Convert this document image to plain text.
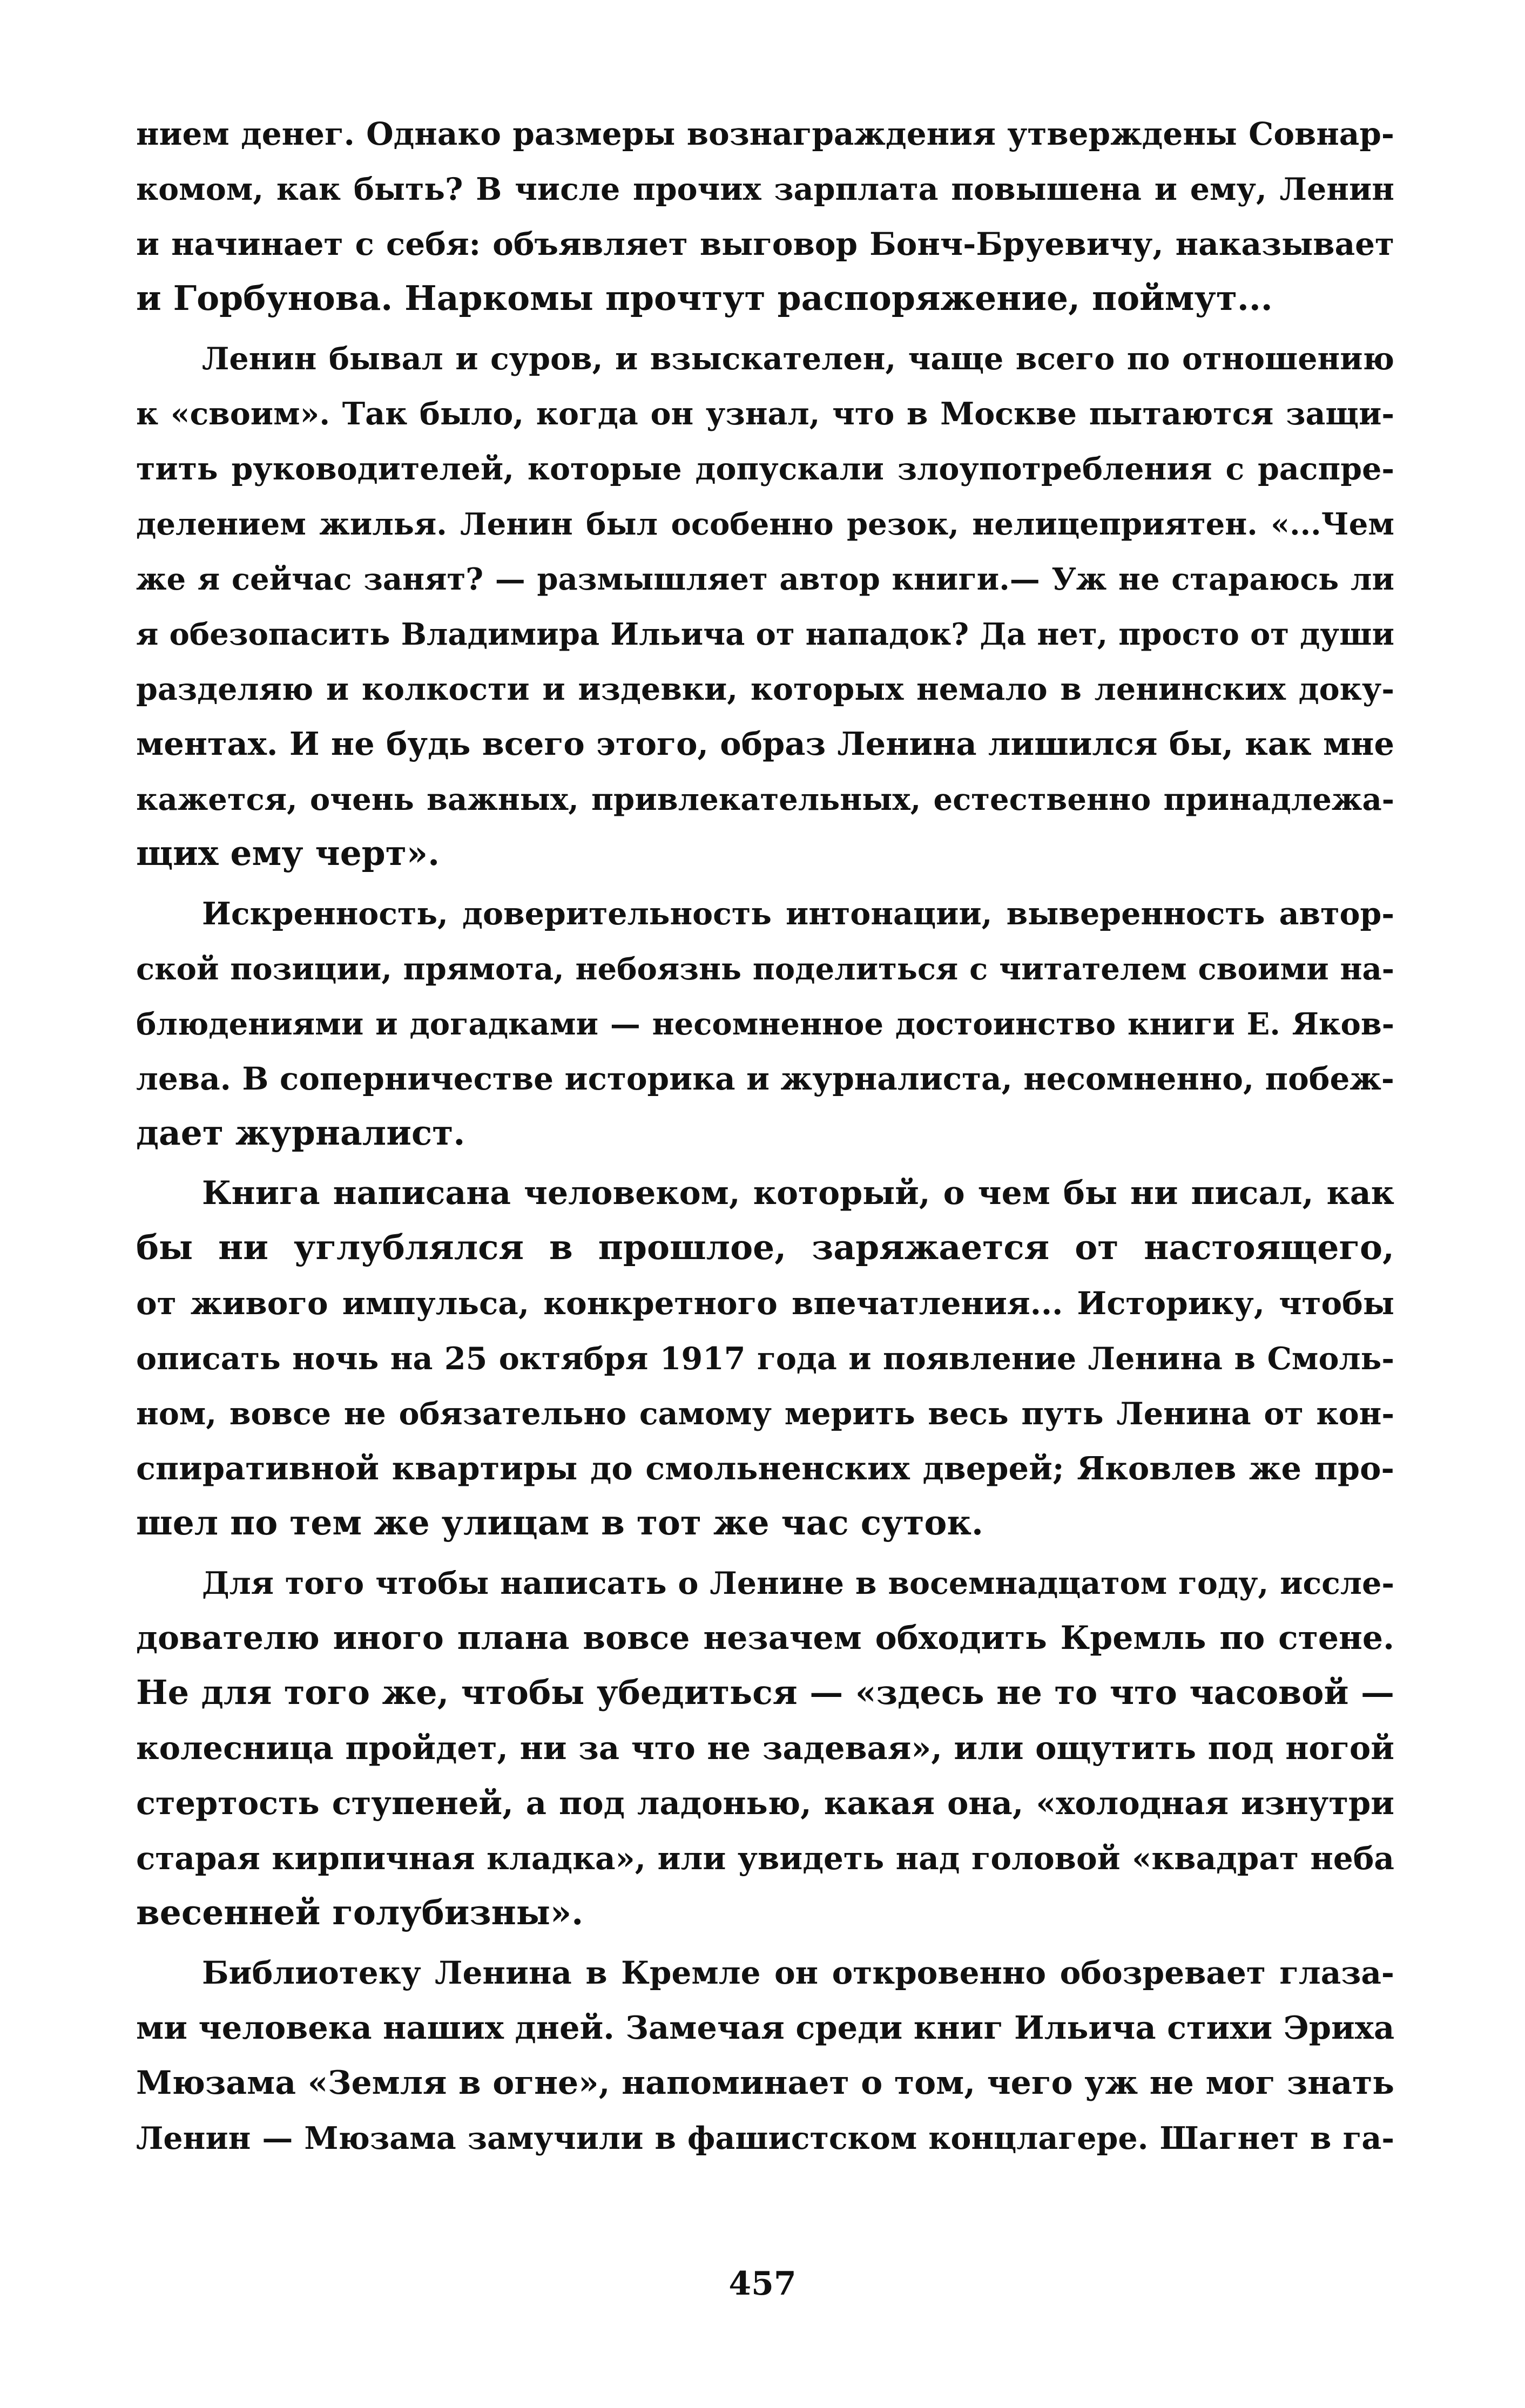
нием денег. Однако размеры вознаграждения утверждены Совнар-
комом, как быть? В числе прочих зарплата повышена и ему, Ленин
и начинает с себя: объявляет выговор Бонч-Бруевичу, наказывает
и Горбунова. Наркомы прочтут распоряжение, поймут...
Ленин бывал и суров, и взыскателен, чаще всего по отношению
к «своим». Так было, когда он узнал, что в Москве пытаются защи-
тить руководителей, которые допускали злоупотребления с распре-
делением жилья. Ленин был особенно резок, нелицеприятен. «...Чем
же я сейчас занят? — размышляет автор книги.— Уж не стараюсь ли
я обезопасить Владимира Ильича от нападок? Да нет, просто от души
разделяю и колкости и издевки, которых немало в ленинских доку-
ментах. И не будь всего этого, образ Ленина лишился бы, как мне
кажется, очень важных, привлекательных, естественно принадлежа-
щих ему черт».
Искренность, доверительность интонации, выверенность автор-
ской позиции, прямота, небоязнь поделиться с читателем своими на-
блюдениями и догадками — несомненное достоинство книги Е. Яков-
лева. В соперничестве историка и журналиста, несомненно, побеж-
дает журналист.
Книга написана человеком, который, о чем бы ни писал, как
бы ни углублялся в прошлое, заряжается от настоящего,
от живого импульса, конкретного впечатления... Историку, чтобы
описать ночь на 25 октября 1917 года и появление Ленина в Смоль-
ном, вовсе не обязательно самому мерить весь путь Ленина от кон-
спиративной квартиры до смольненских дверей; Яковлев же про-
шел по тем же улицам в тот же час суток.
Для того чтобы написать о Ленине в восемнадцатом году, иссле-
дователю иного плана вовсе незачем обходить Кремль по стене.
Не для того же, чтобы убедиться — «здесь не то что часовой —
колесница пройдет, ни за что не задевая», или ощутить под ногой
стертость ступеней, а под ладонью, какая она, «холодная изнутри
старая кирпичная кладка», или увидеть над головой «квадрат неба
весенней голубизны».
Библиотеку Ленина в Кремле он откровенно обозревает глаза-
ми человека наших дней. Замечая среди книг Ильича стихи Эриха
Мюзама «Земля в огне», напоминает о том, чего уж не мог знать
Ленин — Мюзама замучили в фашистском концлагере. Шагнет в га-
457
